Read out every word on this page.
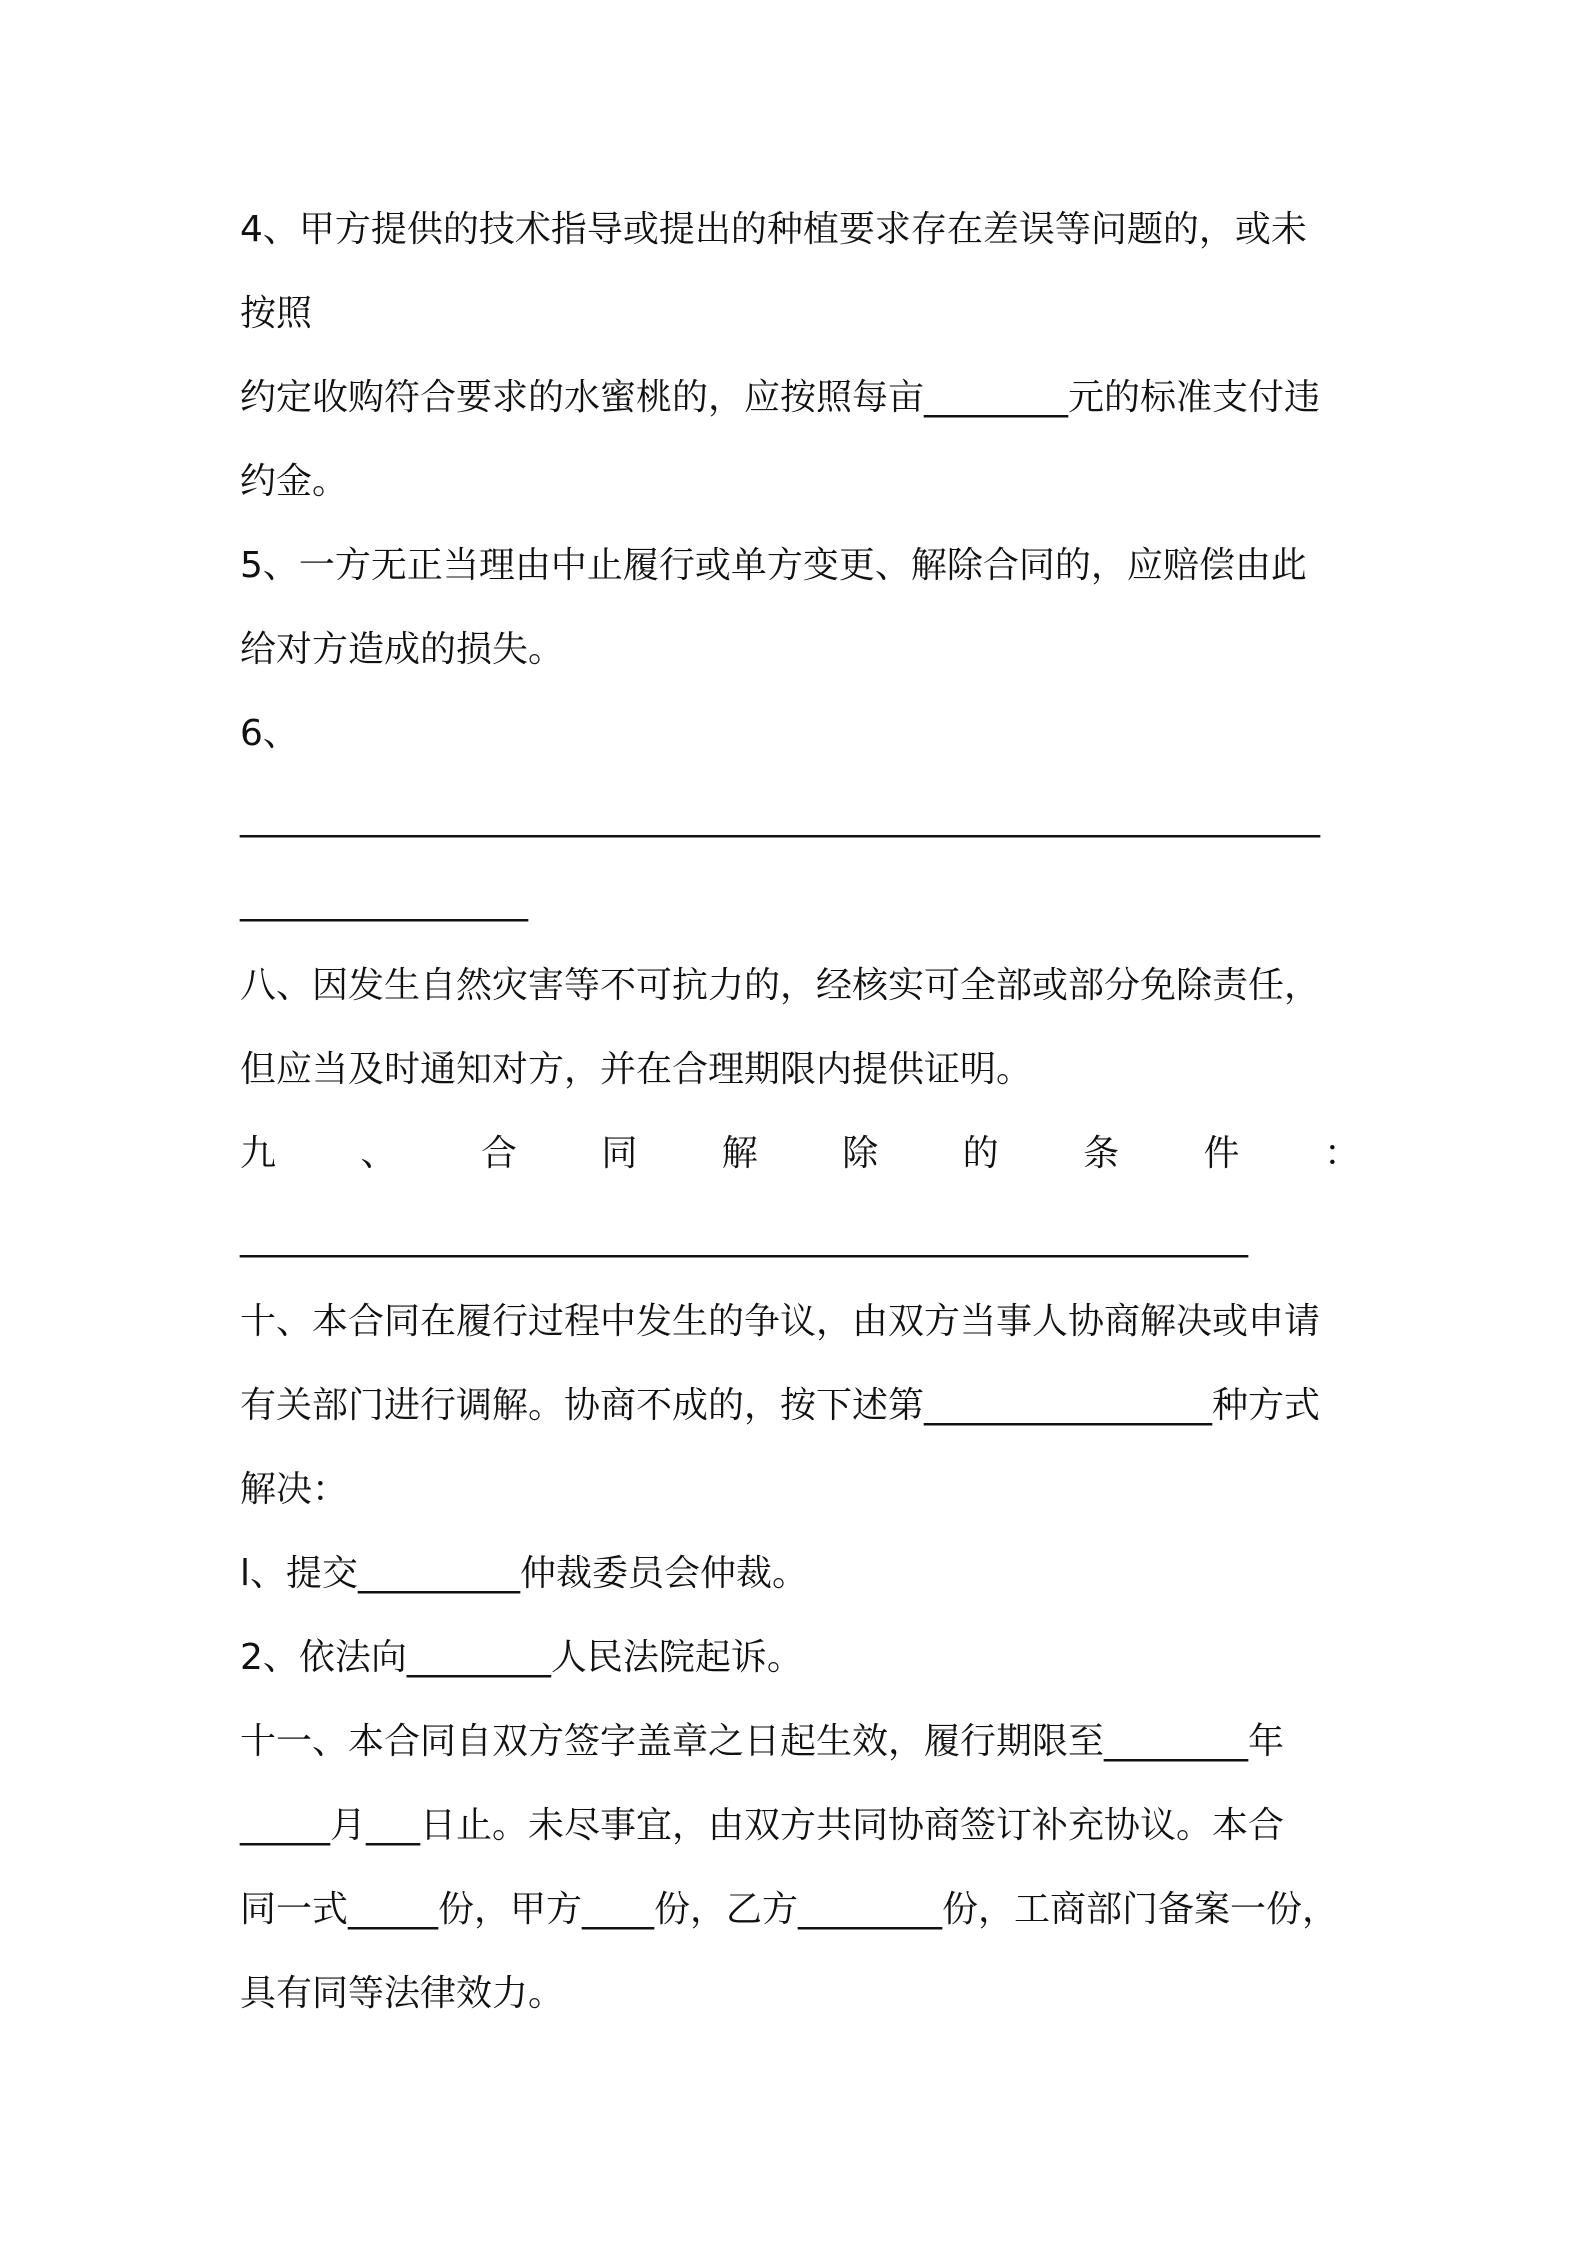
4、甲方提供的技术指导或提出的种植要求存在差误等问题的，或未
按照
约定收购符合要求的水蜜桃的，应按照每亩________元的标准支付违
约金。
5、一方无正当理由中止履行或单方变更、解除合同的，应赔偿由此
给对方造成的损失。
6、
____________________________________________________________
________________
八、因发生自然灾害等不可抗力的，经核实可全部或部分免除责任，
但应当及时通知对方，并在合理期限内提供证明。
九 、 合 同 解 除 的 条 件 ：
________________________________________________________
十、本合同在履行过程中发生的争议，由双方当事人协商解决或申请
有关部门进行调解。协商不成的，按下述第________________种方式
解决：
l、提交_________仲裁委员会仲裁。
2、依法向________人民法院起诉。
十一、本合同自双方签字盖章之日起生效，履行期限至________年
_____月___日止。未尽事宜，由双方共同协商签订补充协议。本合
同一式_____份，甲方____份，乙方________份，工商部门备案一份，
具有同等法律效力。
